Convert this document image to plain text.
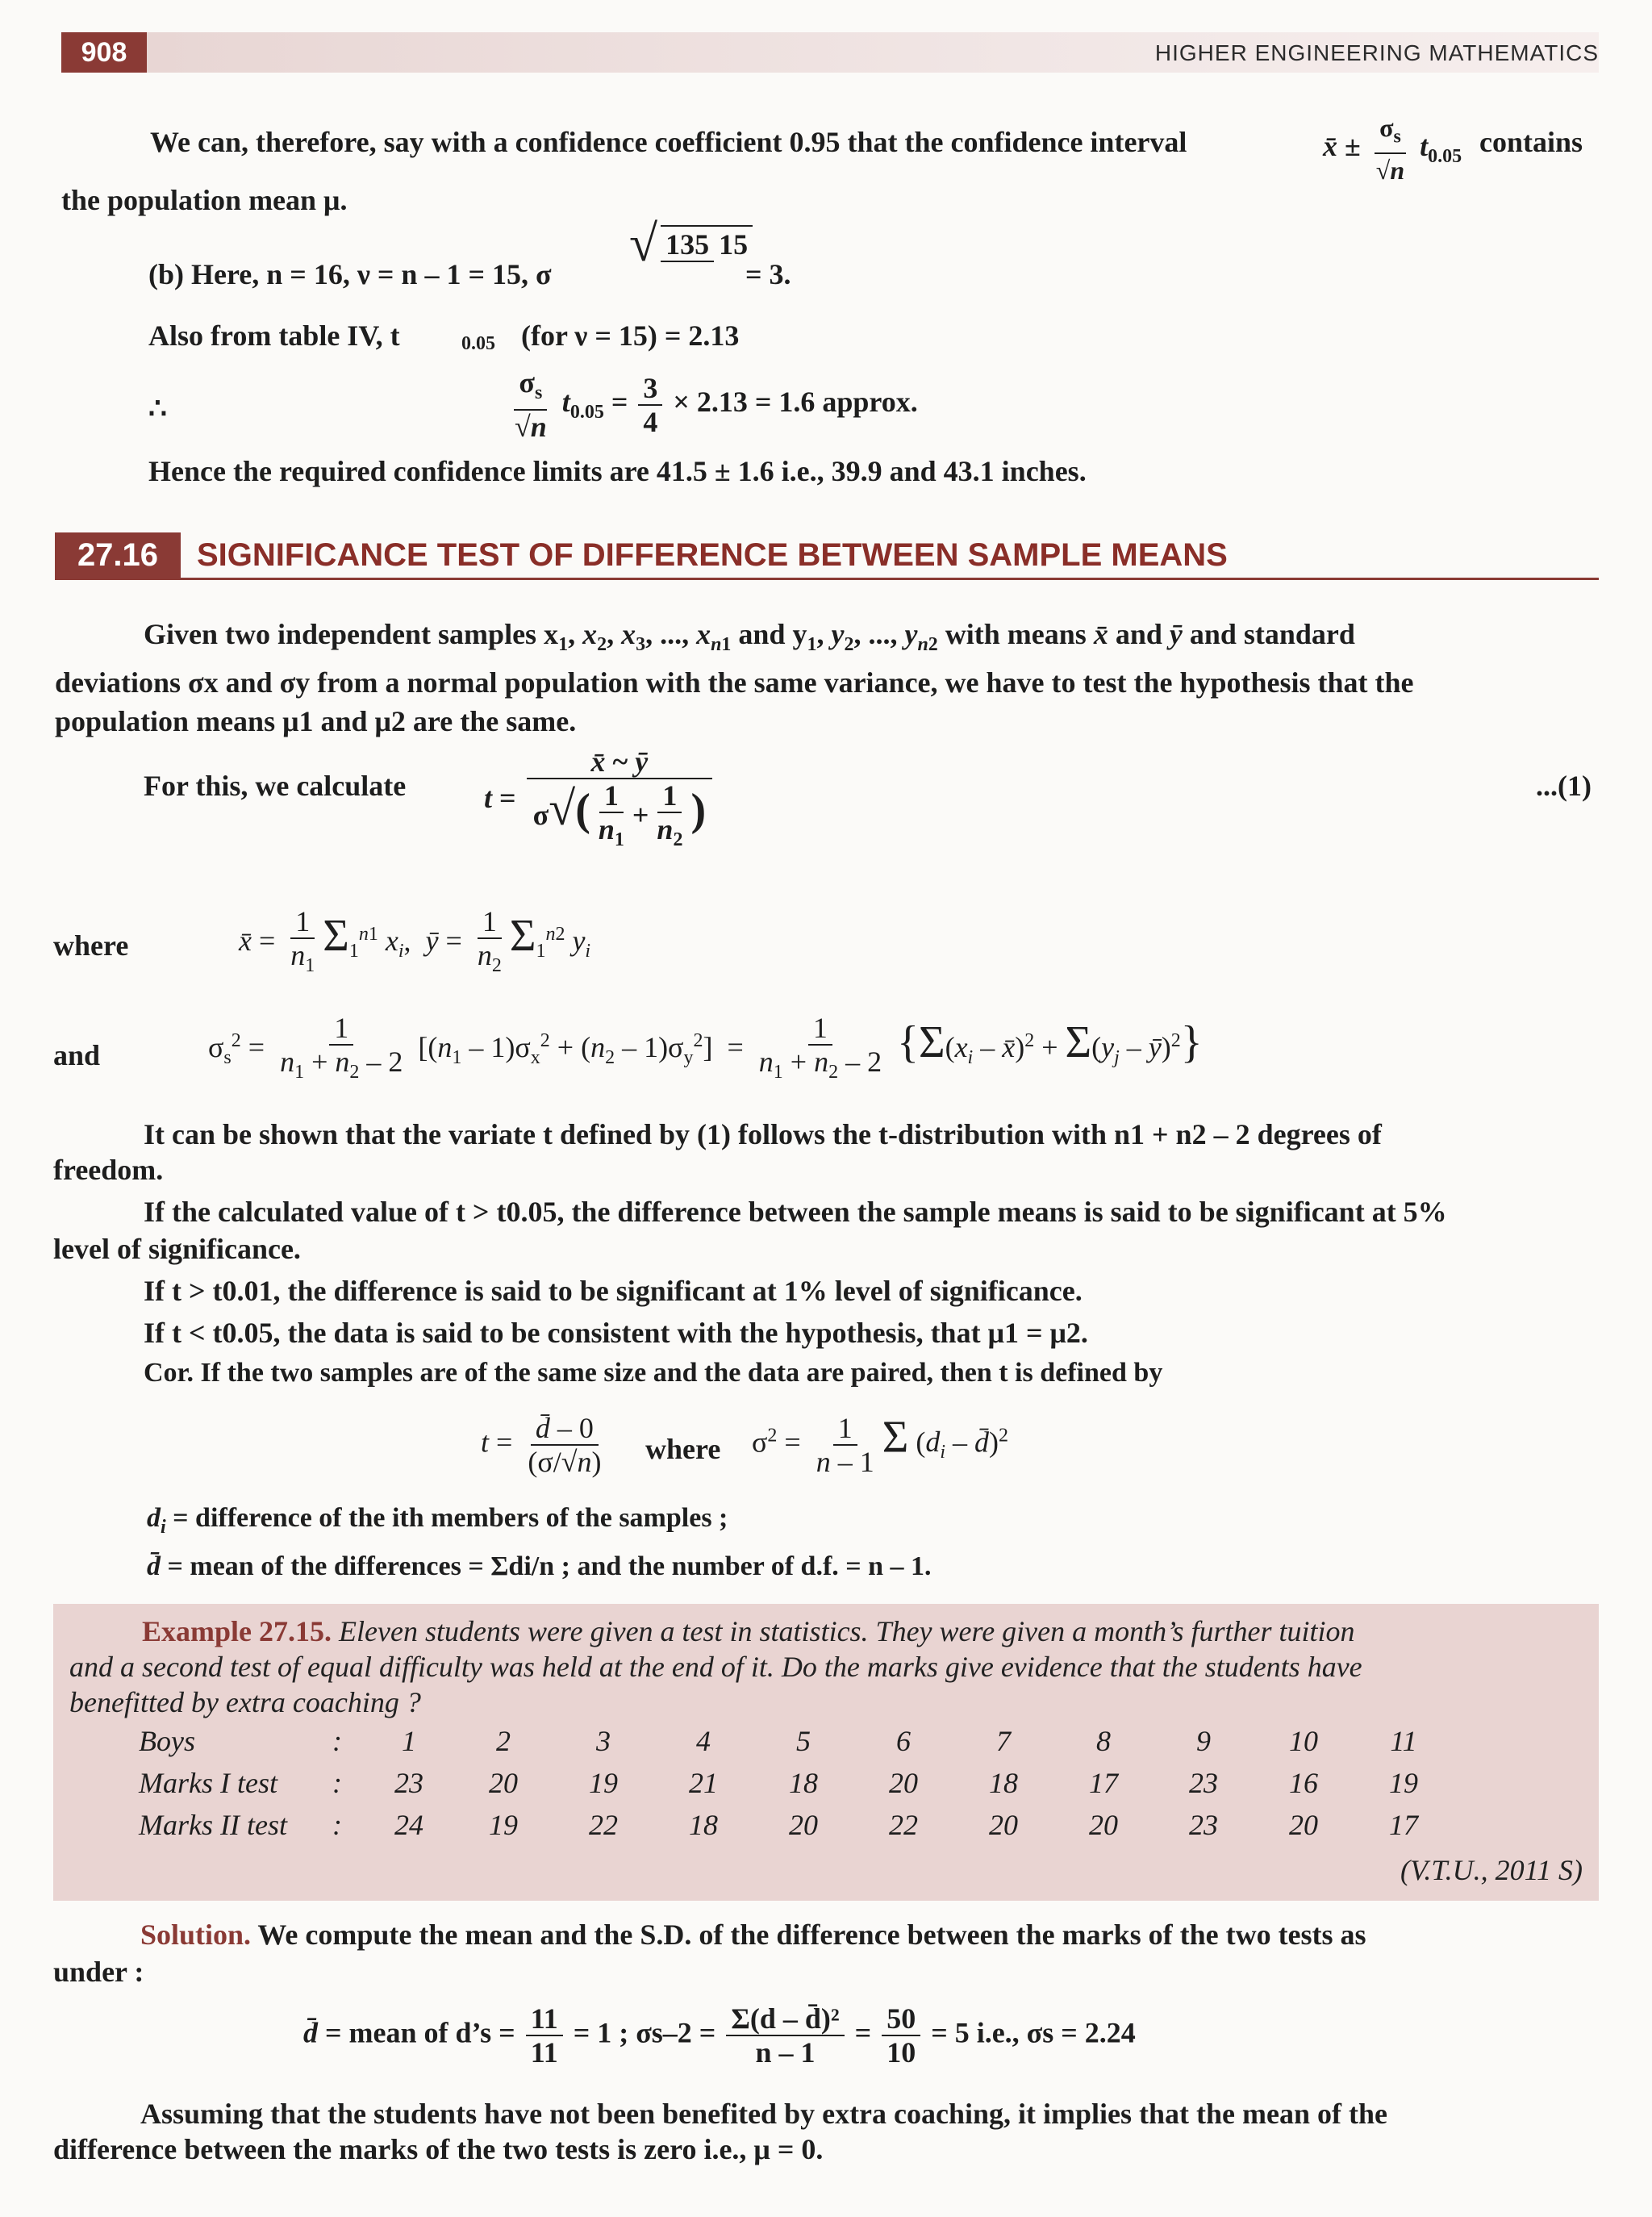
908	HIGHER ENGINEERING MATHEMATICS
We can, therefore, say with a confidence coefficient 0.95 that the confidence interval	x̄ ± $\frac{\sigma_s}{√n} t_{0.05}$ contains
the population mean μ.
(b) Here, n = 16, ν = n – 1 = 15, σ
√ 135 15
= 3.
Also from table IV, t	0.05 (for ν = 15) = 2.13
∴	$\frac{\sigma_s}{√n} t_{0.05} = \frac{3}{4} \times 2.13 = 1.6$ approx.
Hence the required confidence limits are 41.5 ± 1.6 i.e., 39.9 and 43.1 inches.
27.16	SIGNIFICANCE TEST OF DIFFERENCE BETWEEN SAMPLE MEANS
Given two independent samples $x_1$, $x_2$, $x_3$, ..., $x_{n1}$ and $y_1$, $y_2$, ..., $y_{n2}$ with means x̄ and ȳ and standard
deviations σx and σy from a normal population with the same variance, we have to test the hypothesis that the
population means μ1 and μ2 are the same.
For this, we calculate	$t = \frac{x̄ \sim ȳ}{\sigma√( \frac{1}{n_1} + \frac{1}{n_2} )}$	...(1)
where	x̄ = $\frac{1}{n_1} \Sigma_1^{n1}$ $x_i$,  ȳ = $\frac{1}{n_2} \Sigma_1^{n2}$ $y_i$
and	$\sigma_s^2 = \frac{1}{n_1 + n_2 - 2} [(n_1 - 1)\sigma_x^2 + (n_2 - 1)\sigma_y^2] = \frac{1}{n_1 + n_2 - 2} \{\Sigma(x_i$ – x̄)$^2$ + $\Sigma(y_j$ – ȳ)$^2$}
It can be shown that the variate t defined by (1) follows the t-distribution with n1 + n2 – 2 degrees of
freedom.
If the calculated value of t > t0.05, the difference between the sample means is said to be significant at 5%
level of significance.
If t > t0.01, the difference is said to be significant at 1% level of significance.
If t < t0.05, the data is said to be consistent with the hypothesis, that μ1 = μ2.
Cor. If the two samples are of the same size and the data are paired, then t is defined by
$t = \frac{d̄ - 0}{(\sigma/√n)}$ where $\sigma^2 = \frac{1}{n - 1}$ Σ ($d_i$ – d̄)$^2$
$d_i$ = difference of the ith members of the samples ;
d̄ = mean of the differences = Σdi/n ; and the number of d.f. = n – 1.
Example 27.15. Eleven students were given a test in statistics. They were given a month’s further tuition
and a second test of equal difficulty was held at the end of it. Do the marks give evidence that the students have
benefitted by extra coaching ?
Boys	:	1	2	3	4	5	6	7	8	9	10	11
Marks I test	:	23	20	19	21	18	20	18	17	23	16	19
Marks II test	:	24	19	22	18	20	22	20	20	23	20	17
(V.T.U., 2011 S)
Solution. We compute the mean and the S.D. of the difference between the marks of the two tests as
under :
d̄ = mean of d’s = $\frac{11}{11} = 1$ ; $\sigma s-2 = \frac{\text{Σ(d – d̄)²}}{n - 1} = \frac{50}{10} = 5$ i.e., σs = 2.24
Assuming that the students have not been benefited by extra coaching, it implies that the mean of the
difference between the marks of the two tests is zero i.e., μ = 0.
